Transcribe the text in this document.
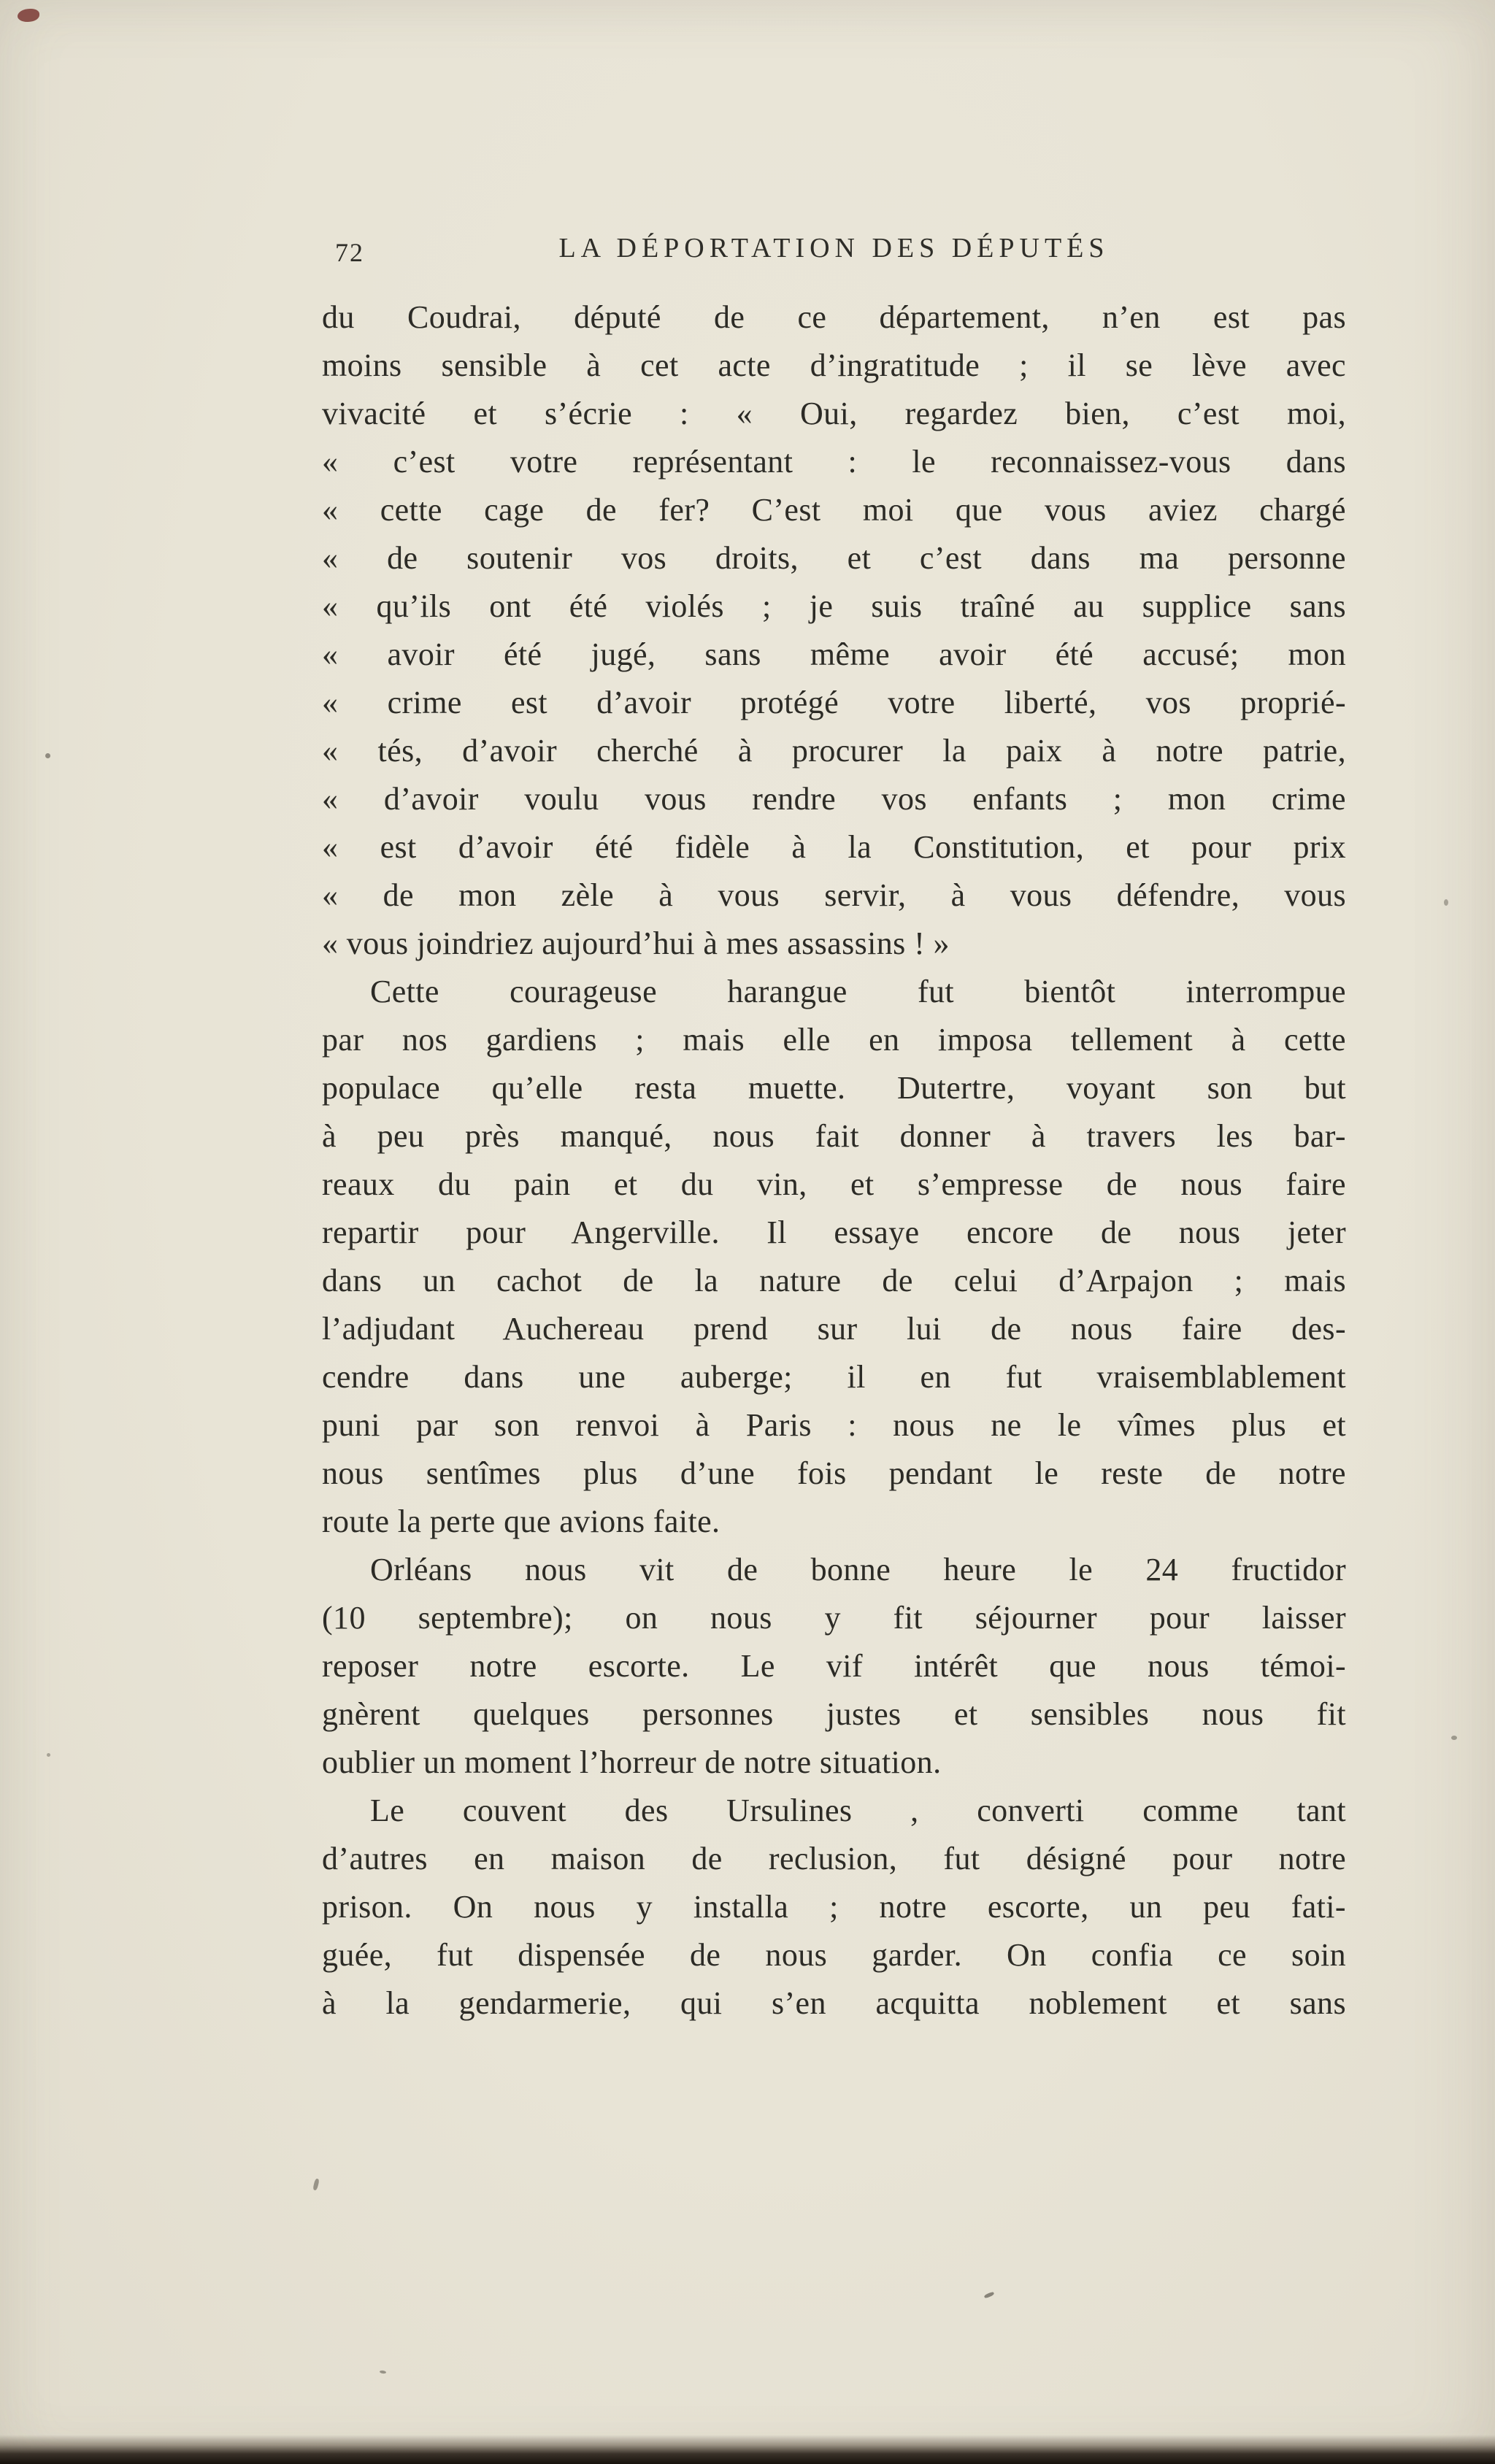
72	LA DÉPORTATION DES DÉPUTÉS
du Coudrai, député de ce département, n’en est pas
moins sensible à cet acte d’ingratitude ; il se lève avec
vivacité et s’écrie : « Oui, regardez bien, c’est moi,
« c’est votre représentant : le reconnaissez-vous dans
« cette cage de fer? C’est moi que vous aviez chargé
« de soutenir vos droits, et c’est dans ma personne
« qu’ils ont été violés ; je suis traîné au supplice sans
« avoir été jugé, sans même avoir été accusé; mon
« crime est d’avoir protégé votre liberté, vos proprié-
« tés, d’avoir cherché à procurer la paix à notre patrie,
« d’avoir voulu vous rendre vos enfants ; mon crime
« est d’avoir été fidèle à la Constitution, et pour prix
« de mon zèle à vous servir, à vous défendre, vous
« vous joindriez aujourd’hui à mes assassins ! »
Cette courageuse harangue fut bientôt interrompue
par nos gardiens ; mais elle en imposa tellement à cette
populace qu’elle resta muette. Dutertre, voyant son but
à peu près manqué, nous fait donner à travers les bar-
reaux du pain et du vin, et s’empresse de nous faire
repartir pour Angerville. Il essaye encore de nous jeter
dans un cachot de la nature de celui d’Arpajon ; mais
l’adjudant Auchereau prend sur lui de nous faire des-
cendre dans une auberge; il en fut vraisemblablement
puni par son renvoi à Paris : nous ne le vîmes plus et
nous sentîmes plus d’une fois pendant le reste de notre
route la perte que avions faite.
Orléans nous vit de bonne heure le 24 fructidor
(10 septembre); on nous y fit séjourner pour laisser
reposer notre escorte. Le vif intérêt que nous témoi-
gnèrent quelques personnes justes et sensibles nous fit
oublier un moment l’horreur de notre situation.
Le couvent des Ursulines , converti comme tant
d’autres en maison de reclusion, fut désigné pour notre
prison. On nous y installa ; notre escorte, un peu fati-
guée, fut dispensée de nous garder. On confia ce soin
à la gendarmerie, qui s’en acquitta noblement et sans
